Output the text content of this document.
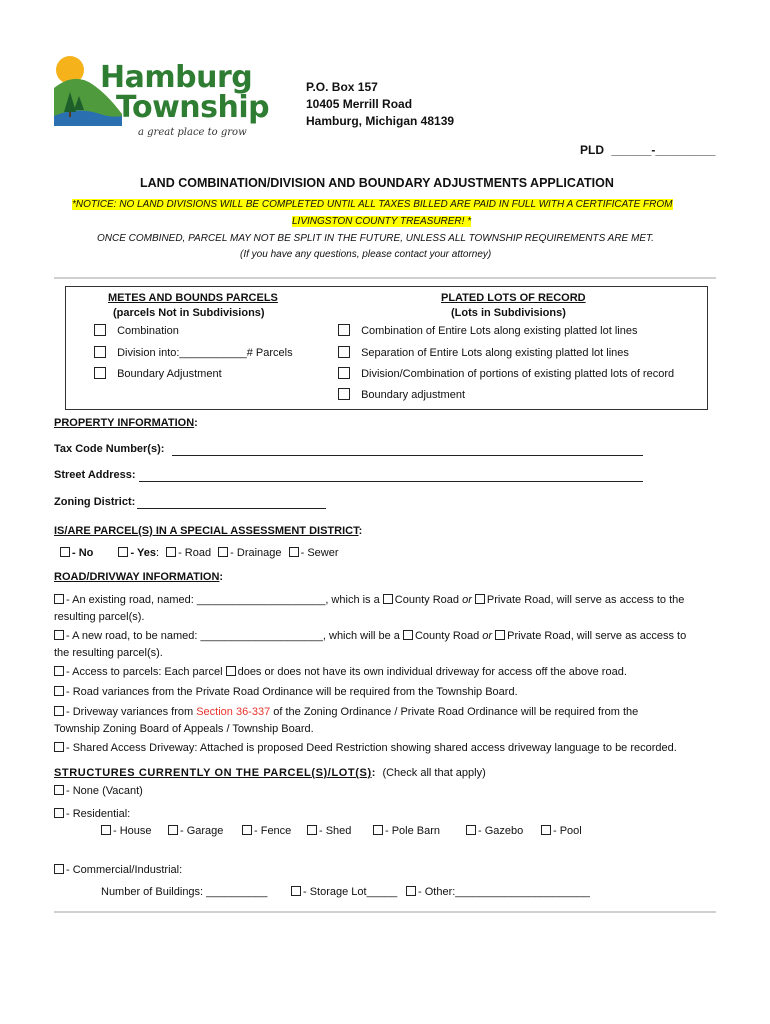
Hamburg
Township
a great place to grow
P.O. Box 157
10405 Merrill Road
Hamburg, Michigan 48139
PLD ______-_________
LAND COMBINATION/DIVISION AND BOUNDARY ADJUSTMENTS APPLICATION
*NOTICE: NO LAND DIVISIONS WILL BE COMPLETED UNTIL ALL TAXES BILLED ARE PAID IN FULL WITH A CERTIFICATE FROM
LIVINGSTON COUNTY TREASURER! *
ONCE COMBINED, PARCEL MAY NOT BE SPLIT IN THE FUTURE, UNLESS ALL TOWNSHIP REQUIREMENTS ARE MET.
(If you have any questions, please contact your attorney)
METES AND BOUNDS PARCELS
(parcels Not in Subdivisions)
Combination
Division into:___________# Parcels
Boundary Adjustment
PLATED LOTS OF RECORD
(Lots in Subdivisions)
Combination of Entire Lots along existing platted lot lines
Separation of Entire Lots along existing platted lot lines
Division/Combination of portions of existing platted lots of record
Boundary adjustment
PROPERTY INFORMATION:
Tax Code Number(s):
Street Address:
Zoning District:
IS/ARE PARCEL(S) IN A SPECIAL ASSESSMENT DISTRICT:
- No	- Yes: - Road - Drainage - Sewer
ROAD/DRIVWAY INFORMATION:
- An existing road, named: _____________________, which is a County Road or Private Road, will serve as access to the
resulting parcel(s).
- A new road, to be named: ____________________, which will be a County Road or Private Road, will serve as access to
the resulting parcel(s).
- Access to parcels: Each parcel does or does not have its own individual driveway for access off the above road.
- Road variances from the Private Road Ordinance will be required from the Township Board.
- Driveway variances from Section 36-337 of the Zoning Ordinance / Private Road Ordinance will be required from the
Township Zoning Board of Appeals / Township Board.
- Shared Access Driveway: Attached is proposed Deed Restriction showing shared access driveway language to be recorded.
STRUCTURES CURRENTLY ON THE PARCEL(S)/LOT(S): (Check all that apply)
- None (Vacant)
- Residential:
- House	- Garage	- Fence	- Shed	- Pole Barn	- Gazebo	- Pool
- Commercial/Industrial:
Number of Buildings: __________	- Storage Lot_____	- Other:______________________
